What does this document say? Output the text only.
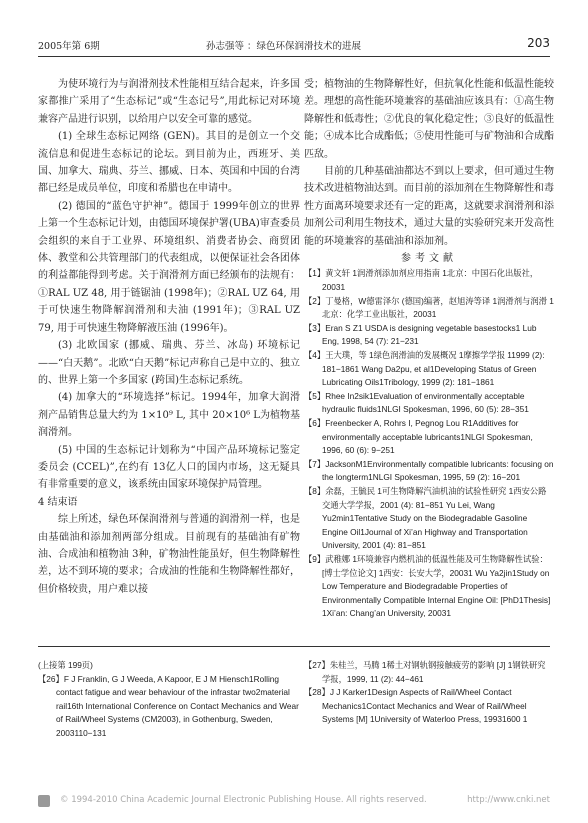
2005年第 6期	孙志强等 ：绿色环保润滑技术的进展	203

为使环境行为与润滑剂技术性能相互结合起来，许多国家都推广采用了“生态标记”或“生态记号”,用此标记对环境兼容产品进行识别，以给用户以安全可靠的感觉。

(1) 全球生态标记网络 (GEN)。其目的是创立一个交流信息和促进生态标记的论坛。到目前为止，西班牙、美国、加拿大、瑞典、芬兰、挪威、日本、英国和中国的台湾都已经是成员单位，印度和希腊也在申请中。

(2) 德国的“蓝色守护神”。德国于 1999年创立的世界上第一个生态标记计划，由德国环境保护署(UBA)审查委员会组织的来自于工业界、环境组织、消费者协会、商贸团体、教堂和公共管理部门的代表组成，以便保证社会各团体的利益都能得到考虑。关于润滑剂方面已经颁布的法规有：①RAL UZ 48, 用于链锯油 (1998年)；②RAL UZ 64, 用于可快速生物降解润滑剂和夫油 (1991年)；③RAL UZ 79, 用于可快速生物降解液压油 (1996年)。

(3) 北欧国家 (挪威、瑞典、芬兰、冰岛) 环境标记——“白天鹅”。北欧“白天鹅”标记声称自己是中立的、独立的、世界上第一个多国家 (跨国)生态标记系统。

(4) 加拿大的“环境选择”标记。1994年，加拿大润滑剂产品销售总量大约为 1×10⁹ L, 其中 20×10⁶ L为植物基润滑剂。

(5) 中国的生态标记计划称为“中国产品环境标记鉴定委员会 (CCEL)”,在约有 13亿人口的国内市场，这无疑具有非常重要的意义，该系统由国家环境保护局管理。

4 结束语

综上所述，绿色环保润滑剂与普通的润滑剂一样，也是由基础油和添加剂两部分组成。目前现有的基础油有矿物油、合成油和植物油 3种，矿物油性能虽好，但生物降解性差，达不到环境的要求；合成油的性能和生物降解性都好，但价格较贵，用户难以接

受；植物油的生物降解性好，但抗氧化性能和低温性能较差。理想的高性能环境兼容的基础油应该具有：①高生物降解性和低毒性；②优良的氧化稳定性；③良好的低温性能；④成本比合成酯低；⑤使用性能可与矿物油和合成酯匹敌。

目前的几种基础油都达不到以上要求，但可通过生物技术改进植物油达到。而目前的添加剂在生物降解性和毒性方面离环境要求还有一定的距离，这就要求润滑剂和添加剂公司利用生物技术，通过大量的实验研究来开发高性能的环境兼容的基础油和添加剂。

参考文献

【1】黄文轩 1润滑剂添加剂应用指南 1北京：中国石化出版社，20031

【2】丁曼格，W德雷泽尔 (德国)编著，赵旭涛等译 1润滑剂与润滑 1北京：化学工业出版社，20031

【3】Eran S Z1 USDA is designing vegetable basestocks1 Lub Eng, 1998, 54 (7): 21−231

【4】王大璞，等 1绿色润滑油的发展概况 1摩擦学学报 11999 (2): 181−1861 Wang Da2pu, et al1Developing Status of Green Lubricating Oils1Tribology, 1999 (2): 181−1861

【5】Rhee In2sik1Evaluation of environmentally acceptable hydraulic fluids1NLGI Spokesman, 1996, 60 (5): 28−351

【6】Freenbecker A, Rohrs I, Pegnog Lou R1Additives for environmentally acceptable lubricants1NLGI Spokesman, 1996, 60 (6): 9−251

【7】JacksonM1Environmentally compatible lubricants: focusing on the longterm1NLGI Spokesman, 1995, 59 (2): 16−201

【8】余磊，王毓民 1可生物降解汽油机油的试验性研究 1西安公路交通大学学报，2001 (4): 81−851 Yu Lei, Wang Yu2min1Tentative Study on the Biodegradable Gasoline Engine Oil1Journal of Xi’an Highway and Transportation University, 2001 (4): 81−851

【9】武稚娜 1环境兼容内燃机油的低温性能及可生物降解性试验：[博士学位论文] 1西安：长安大学，20031 Wu Ya2jin1Study on Low Temperature and Biodegradable Properties of Environmentally Compatible Internal Engine Oil: [PhD1Thesis] 1Xi’an: Chang’an University, 20031

(上接第 199页)

【26】F J Franklin, G J Weeda, A Kapoor, E J M Hiensch1Rolling contact fatigue and wear behaviour of the infrastar two2material rail16th International Conference on Contact Mechanics and Wear of Rail/Wheel Systems (CM2003), in Gothenburg, Sweden, 2003110−131

【27】朱桂兰，马腾 1稀土对钢轨钢接触疲劳的影响 [J] 1钢铁研究学报，1999, 11 (2): 44−461

【28】J J Karker1Design Aspects of Rail/Wheel Contact Mechanics1Contact Mechanics and Wear of Rail/Wheel Systems [M] 1University of Waterloo Press, 19931600 1

© 1994-2010 China Academic Journal Electronic Publishing House. All rights reserved.	http://www.cnki.net
